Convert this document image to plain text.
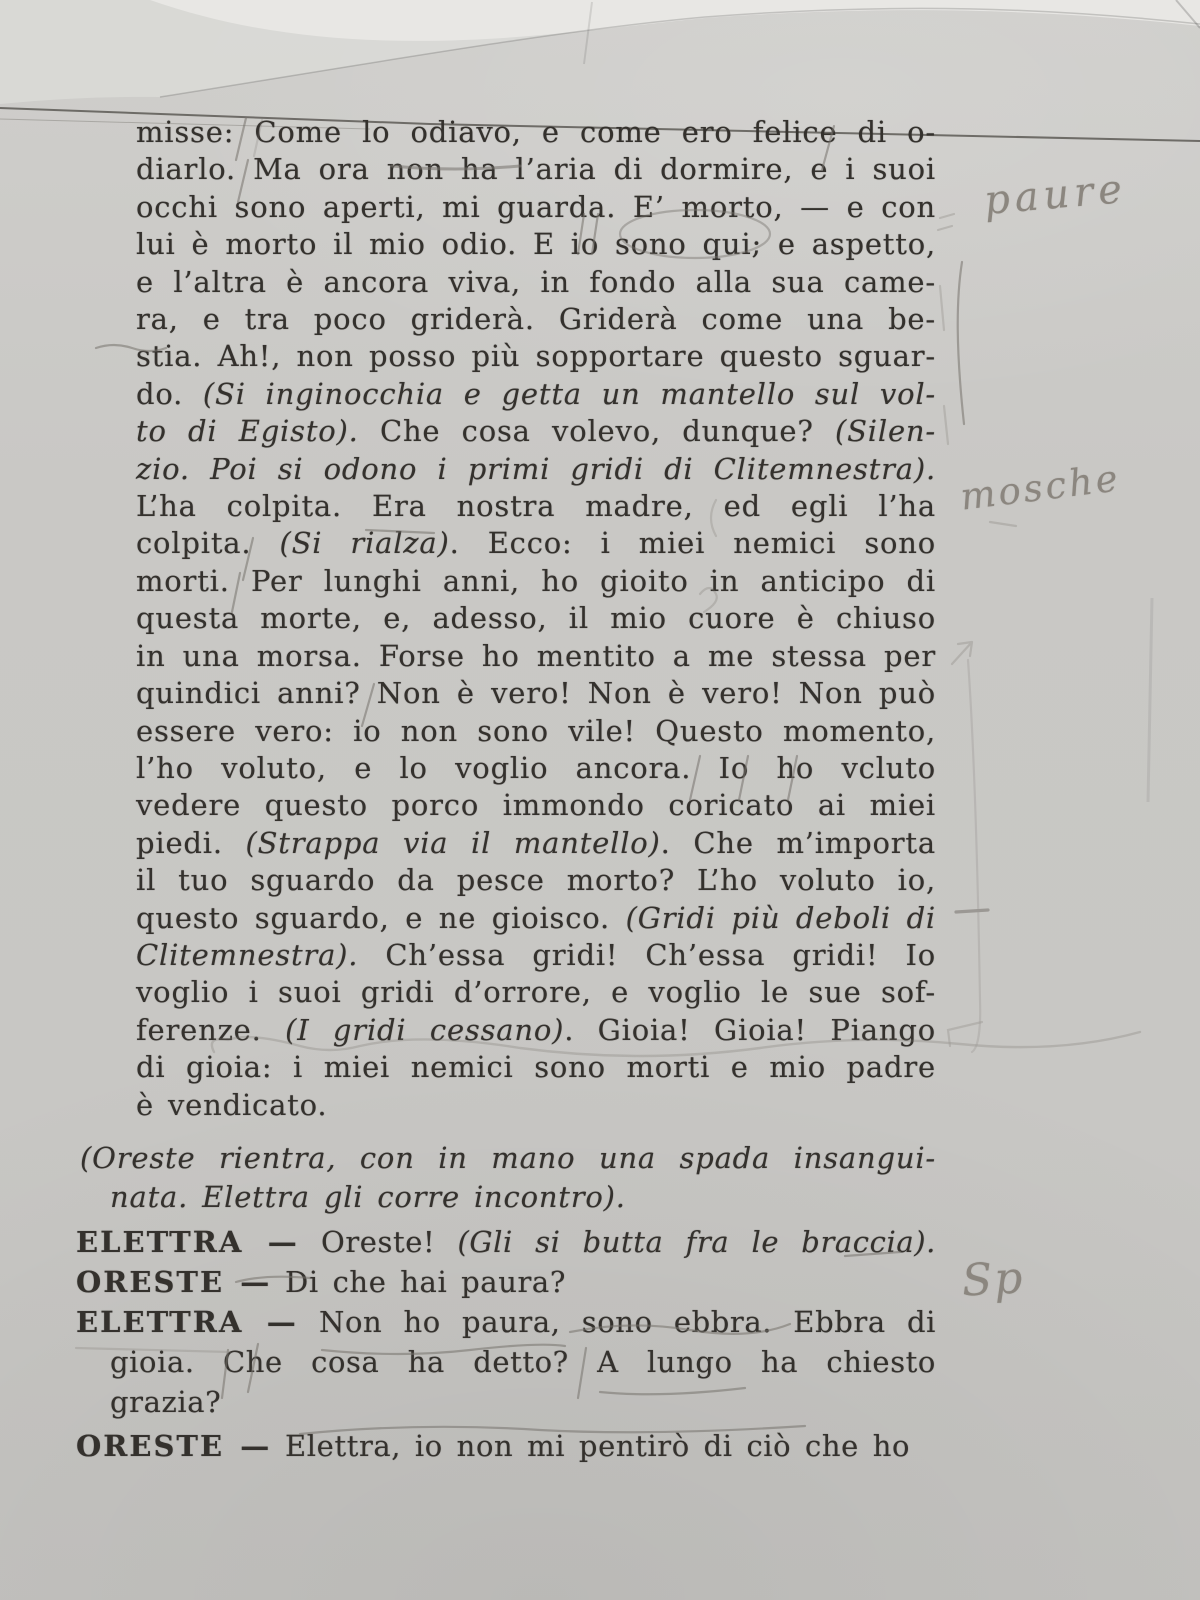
misse: Come lo odiavo, e come ero felice di o-
diarlo. Ma ora non ha l’aria di dormire, e i suoi
occhi sono aperti, mi guarda. E’ morto, — e con
lui è morto il mio odio. E io sono qui; e aspetto,
e l’altra è ancora viva, in fondo alla sua came-
ra, e tra poco griderà. Griderà come una be-
stia. Ah!, non posso più sopportare questo sguar-
do. (Si inginocchia e getta un mantello sul vol-
to di Egisto). Che cosa volevo, dunque? (Silen-
zio. Poi si odono i primi gridi di Clitemnestra).
L’ha colpita. Era nostra madre, ed egli l’ha
colpita. (Si rialza). Ecco: i miei nemici sono
morti. Per lunghi anni, ho gioito in anticipo di
questa morte, e, adesso, il mio cuore è chiuso
in una morsa. Forse ho mentito a me stessa per
quindici anni? Non è vero! Non è vero! Non può
essere vero: io non sono vile! Questo momento,
l’ho voluto, e lo voglio ancora. Io ho vcluto
vedere questo porco immondo coricato ai miei
piedi. (Strappa via il mantello). Che m’importa
il tuo sguardo da pesce morto? L’ho voluto io,
questo sguardo, e ne gioisco. (Gridi più deboli di
Clitemnestra). Ch’essa gridi! Ch’essa gridi! Io
voglio i suoi gridi d’orrore, e voglio le sue sof-
ferenze. (I gridi cessano). Gioia! Gioia! Piango
di gioia: i miei nemici sono morti e mio padre
è vendicato.
(Oreste rientra, con in mano una spada insangui-
nata. Elettra gli corre incontro).
ELETTRA — Oreste! (Gli si butta fra le braccia).
ORESTE — Di che hai paura?
ELETTRA — Non ho paura, sono ebbra. Ebbra di
gioia. Che cosa ha detto? A lungo ha chiesto
grazia?
ORESTE — Elettra, io non mi pentirò di ciò che ho
paure
mosche
Sp
